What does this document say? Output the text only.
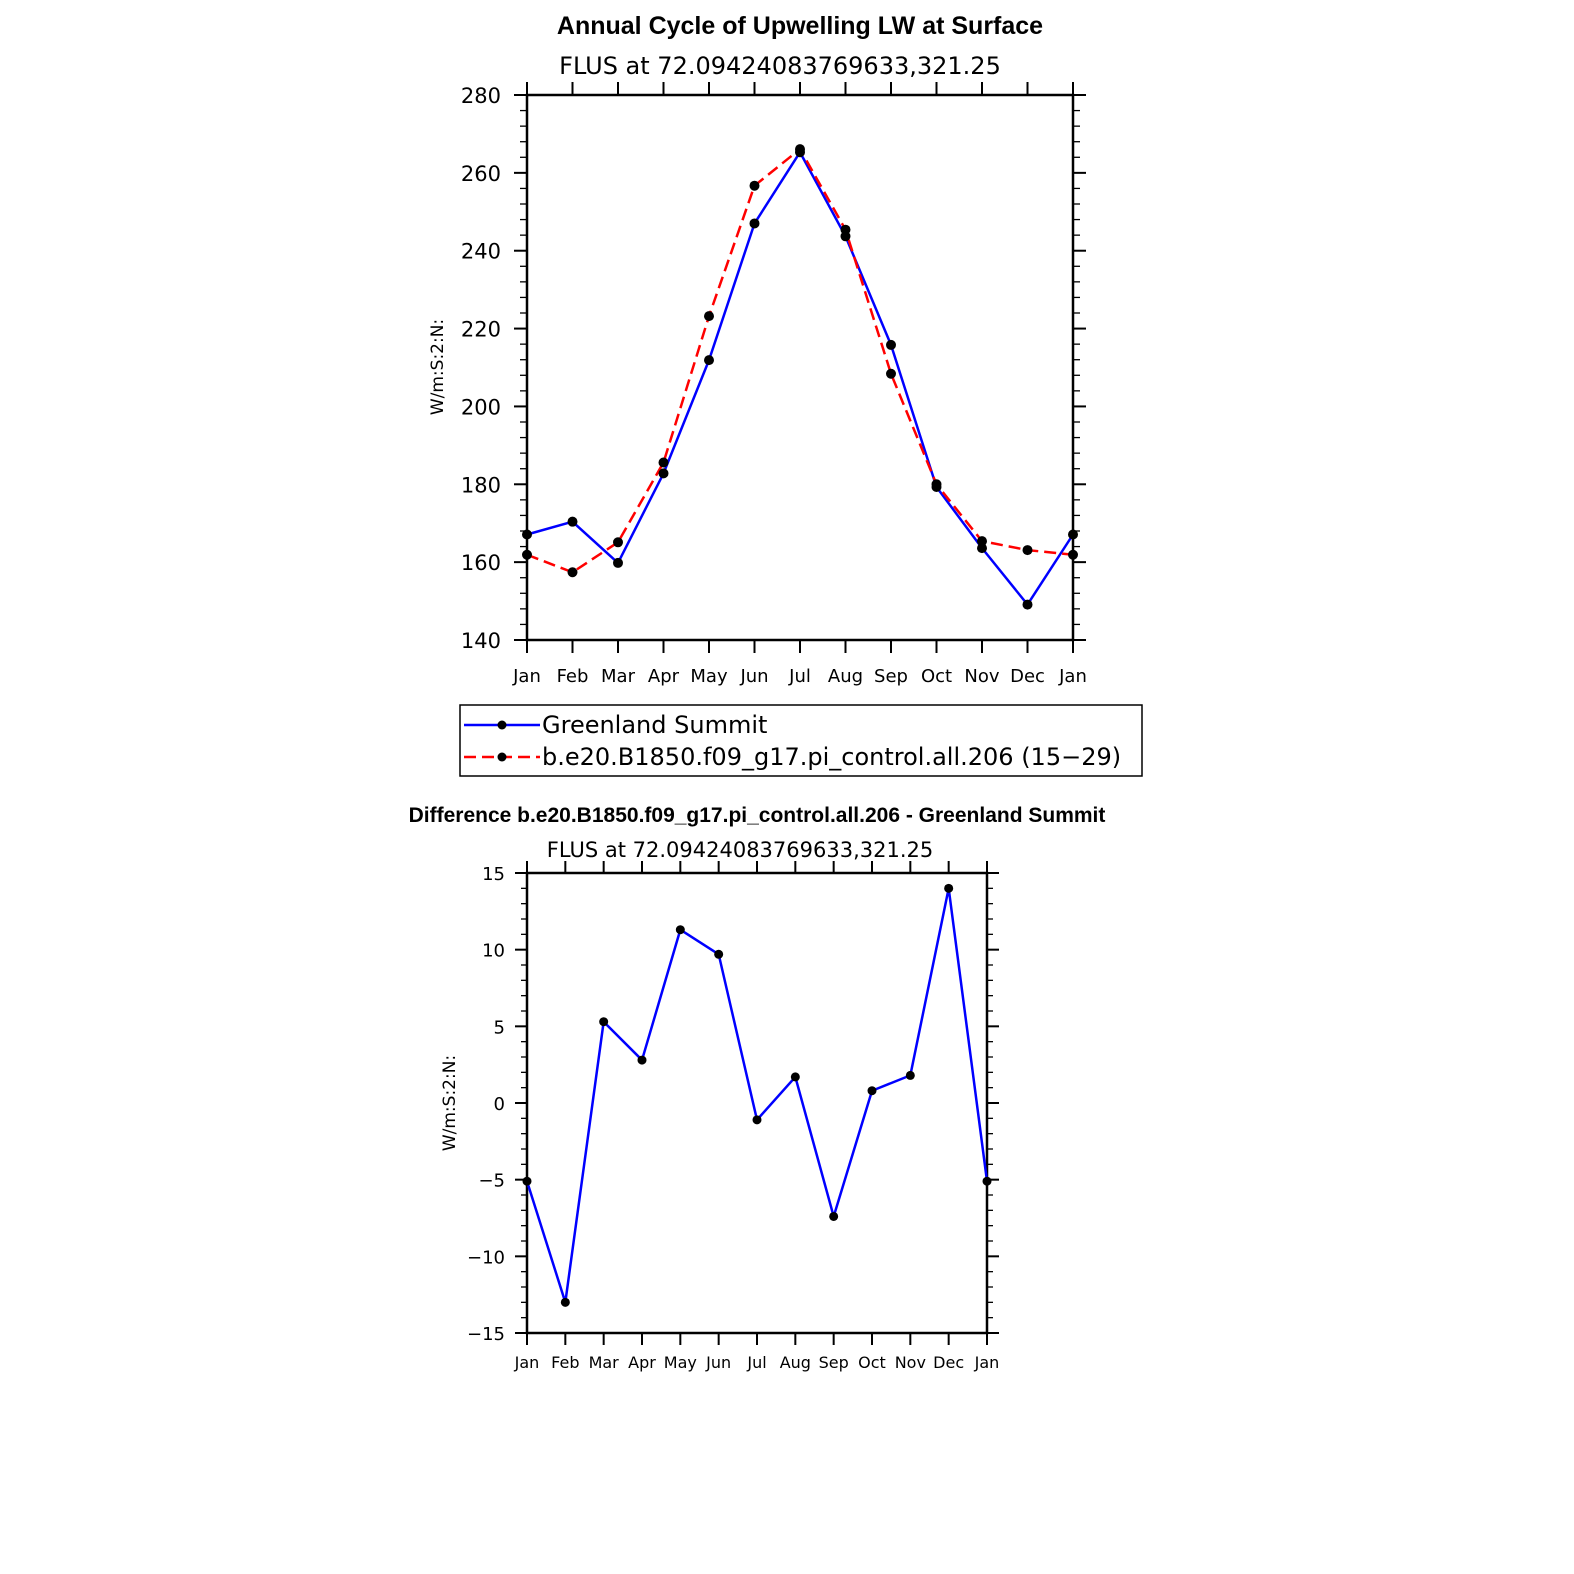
Annual Cycle of Upwelling LW at Surface
FLUS at 72.09424083769633,321.25
W/m:S:2:N:
Jan Feb Mar Apr May Jun Jul Aug Sep Oct Nov Dec Jan
140
160
180
200
220
240
260
280
Greenland Summit
b.e20.B1850.f09_g17.pi_control.all.206 (15−29)
Difference b.e20.B1850.f09_g17.pi_control.all.206 - Greenland Summit
FLUS at 72.09424083769633,321.25
W/m:S:2:N:
Jan Feb Mar Apr May Jun Jul Aug Sep Oct Nov Dec Jan
−15
−10
−5
0
5
10
15
